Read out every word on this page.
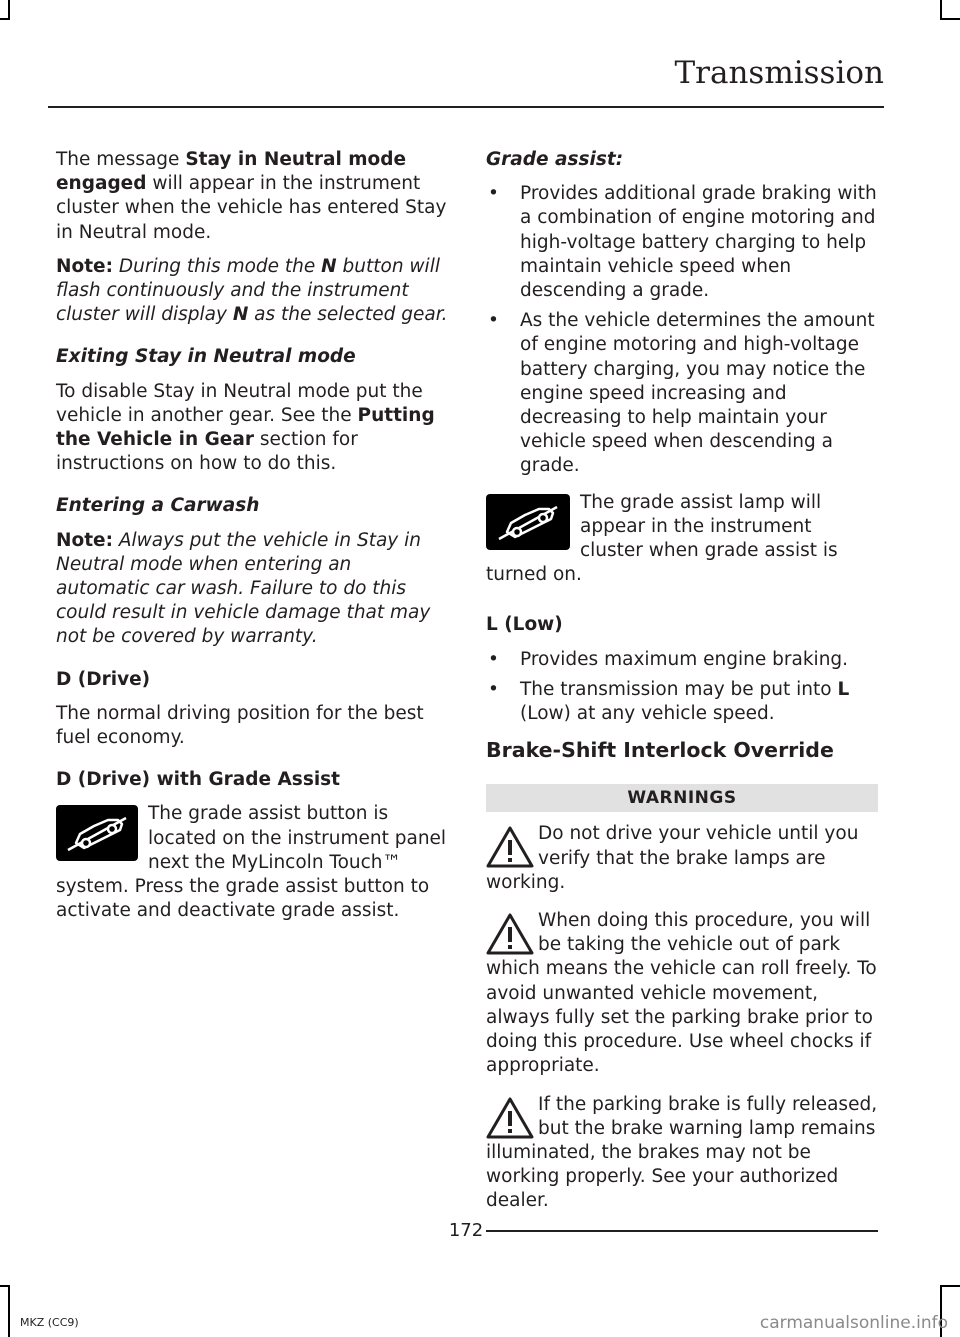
Transmission

The message Stay in Neutral mode engaged will appear in the instrument cluster when the vehicle has entered Stay in Neutral mode.

Note: During this mode the N button will flash continuously and the instrument cluster will display N as the selected gear.

Exiting Stay in Neutral mode

To disable Stay in Neutral mode put the vehicle in another gear. See the Putting the Vehicle in Gear section for instructions on how to do this.

Entering a Carwash

Note: Always put the vehicle in Stay in Neutral mode when entering an automatic car wash. Failure to do this could result in vehicle damage that may not be covered by warranty.

D (Drive)

The normal driving position for the best fuel economy.

D (Drive) with Grade Assist

The grade assist button is located on the instrument panel next the MyLincoln Touch™ system. Press the grade assist button to activate and deactivate grade assist.

Grade assist:

• Provides additional grade braking with a combination of engine motoring and high-voltage battery charging to help maintain vehicle speed when descending a grade.
• As the vehicle determines the amount of engine motoring and high-voltage battery charging, you may notice the engine speed increasing and decreasing to help maintain your vehicle speed when descending a grade.

The grade assist lamp will appear in the instrument cluster when grade assist is turned on.

L (Low)

• Provides maximum engine braking.
• The transmission may be put into L (Low) at any vehicle speed.

Brake-Shift Interlock Override

WARNINGS

Do not drive your vehicle until you verify that the brake lamps are working.
When doing this procedure, you will be taking the vehicle out of park which means the vehicle can roll freely. To avoid unwanted vehicle movement, always fully set the parking brake prior to doing this procedure. Use wheel chocks if appropriate.
If the parking brake is fully released, but the brake warning lamp remains illuminated, the brakes may not be working properly. See your authorized dealer.
172
MKZ (CC9)	carmanualsonline.info
